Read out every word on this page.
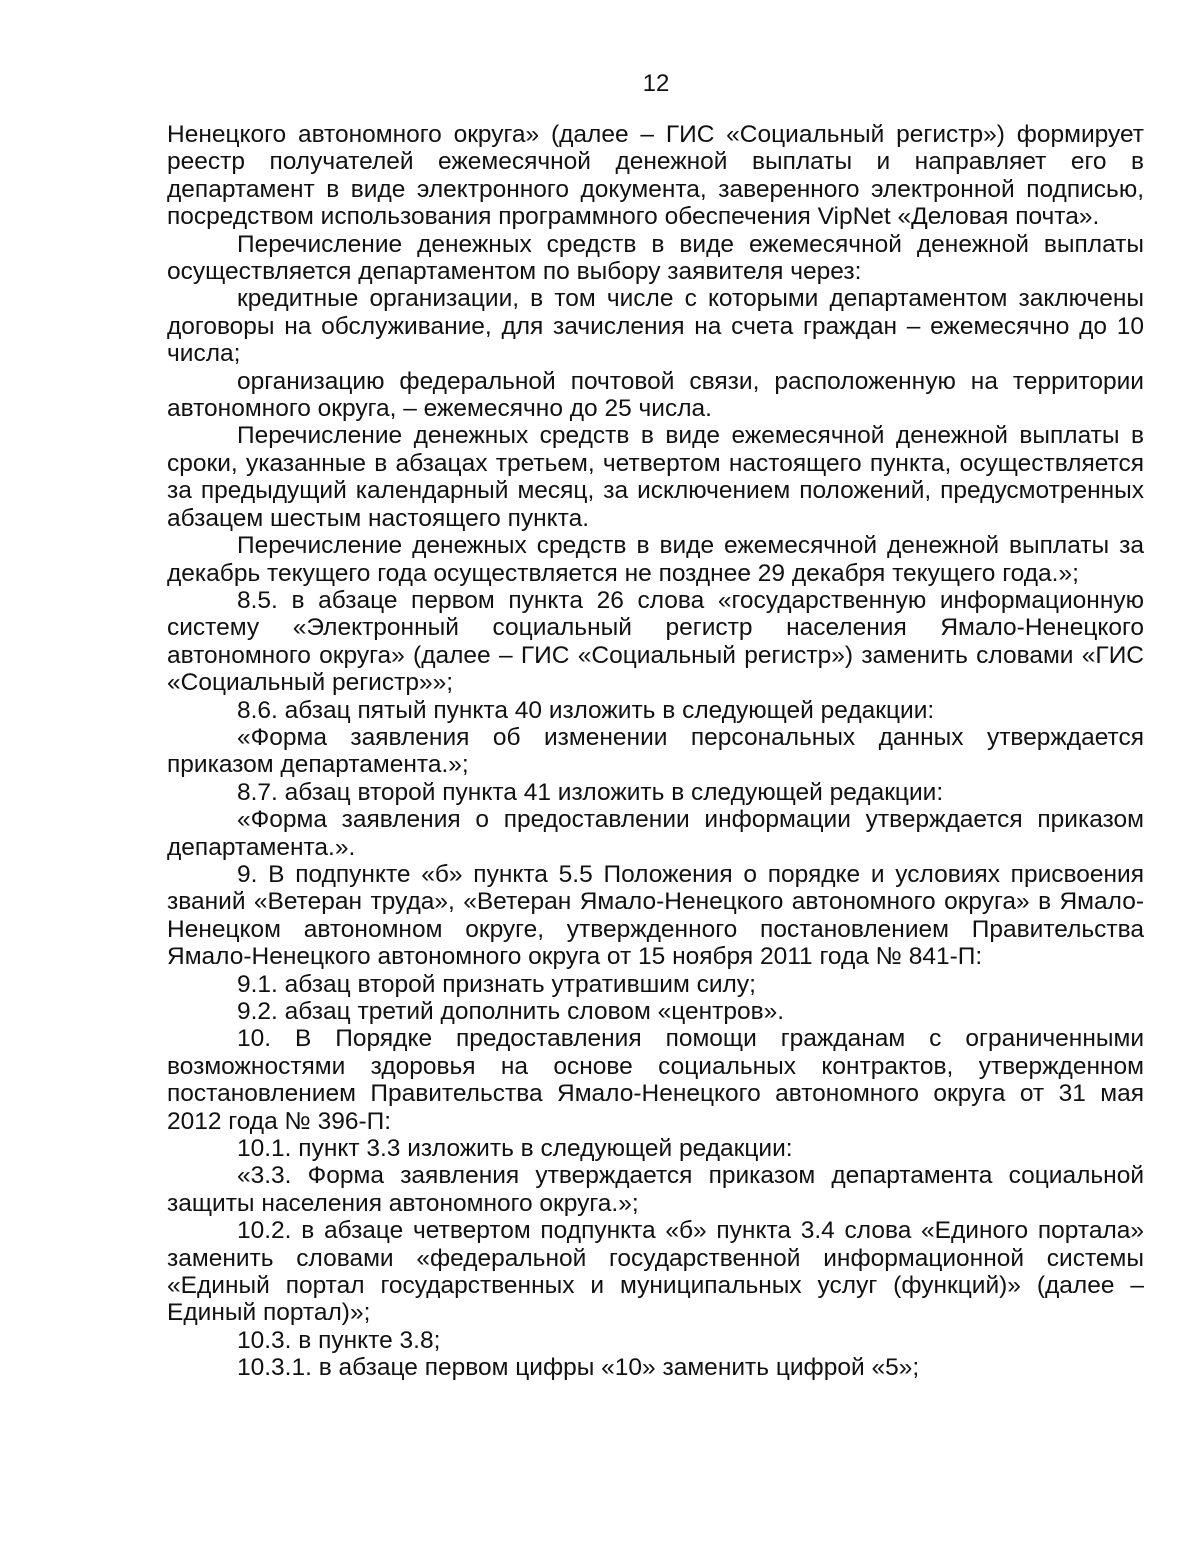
12

Ненецкого автономного округа» (далее – ГИС «Социальный регистр») формирует реестр получателей ежемесячной денежной выплаты и направляет его в департамент в виде электронного документа, заверенного электронной подписью, посредством использования программного обеспечения VipNet «Деловая почта».

Перечисление денежных средств в виде ежемесячной денежной выплаты осуществляется департаментом по выбору заявителя через:

кредитные организации, в том числе с которыми департаментом заключены договоры на обслуживание, для зачисления на счета граждан – ежемесячно до 10 числа;

организацию федеральной почтовой связи, расположенную на территории автономного округа, – ежемесячно до 25 числа.

Перечисление денежных средств в виде ежемесячной денежной выплаты в сроки, указанные в абзацах третьем, четвертом настоящего пункта, осуществляется за предыдущий календарный месяц, за исключением положений, предусмотренных абзацем шестым настоящего пункта.

Перечисление денежных средств в виде ежемесячной денежной выплаты за декабрь текущего года осуществляется не позднее 29 декабря текущего года.»;

8.5. в абзаце первом пункта 26 слова «государственную информационную систему «Электронный социальный регистр населения Ямало-Ненецкого автономного округа» (далее – ГИС «Социальный регистр») заменить словами «ГИС «Социальный регистр»»;

8.6. абзац пятый пункта 40 изложить в следующей редакции:

«Форма заявления об изменении персональных данных утверждается приказом департамента.»;

8.7. абзац второй пункта 41 изложить в следующей редакции:

«Форма заявления о предоставлении информации утверждается приказом департамента.».

9. В подпункте «б» пункта 5.5 Положения о порядке и условиях присвоения званий «Ветеран труда», «Ветеран Ямало-Ненецкого автономного округа» в Ямало-Ненецком автономном округе, утвержденного постановлением Правительства Ямало-Ненецкого автономного округа от 15 ноября 2011 года № 841-П:

9.1. абзац второй признать утратившим силу;

9.2. абзац третий дополнить словом «центров».

10. В Порядке предоставления помощи гражданам с ограниченными возможностями здоровья на основе социальных контрактов, утвержденном постановлением Правительства Ямало-Ненецкого автономного округа от 31 мая 2012 года № 396-П:

10.1. пункт 3.3 изложить в следующей редакции:

«3.3. Форма заявления утверждается приказом департамента социальной защиты населения автономного округа.»;

10.2. в абзаце четвертом подпункта «б» пункта 3.4 слова «Единого портала» заменить словами «федеральной государственной информационной системы «Единый портал государственных и муниципальных услуг (функций)» (далее – Единый портал)»;

10.3. в пункте 3.8;

10.3.1. в абзаце первом цифры «10» заменить цифрой «5»;
